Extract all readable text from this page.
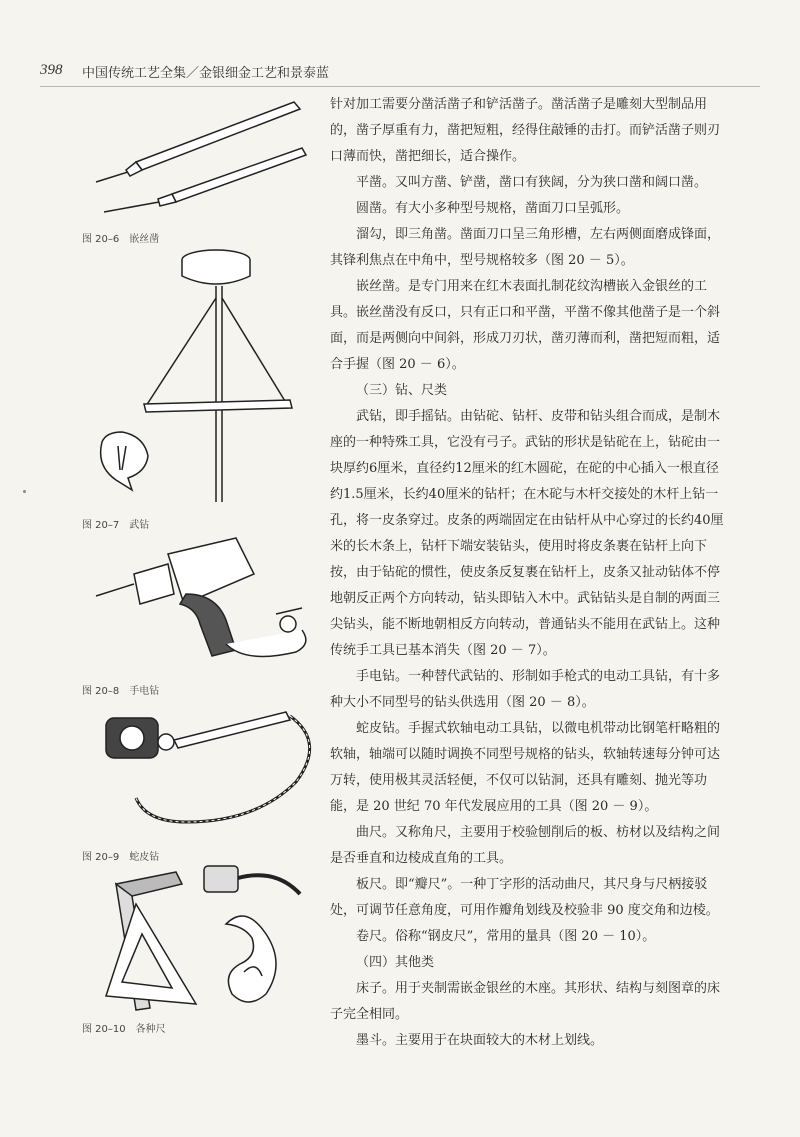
398 中国传统工艺全集／金银细金工艺和景泰蓝
图 20–6　嵌丝凿
图 20–7　武钻
图 20–8　手电钻
图 20–9　蛇皮钻
图 20–10　各种尺

针对加工需要分凿活凿子和铲活凿子。凿活凿子是雕刻大型制品用的，凿子厚重有力，凿把短粗，经得住敲锤的击打。而铲活凿子则刃口薄而快，凿把细长，适合操作。

平凿。又叫方凿、铲凿，凿口有狭阔，分为狭口凿和阔口凿。

圆凿。有大小多种型号规格，凿面刀口呈弧形。

溜勾，即三角凿。凿面刀口呈三角形槽，左右两侧面磨成锋面，其锋利焦点在中角中，型号规格较多（图 20 － 5）。

嵌丝凿。是专门用来在红木表面扎制花纹沟槽嵌入金银丝的工具。嵌丝凿没有反口，只有正口和平凿，平凿不像其他凿子是一个斜面，而是两侧向中间斜，形成刀刃状，凿刃薄而利，凿把短而粗，适合手握（图 20 － 6）。

（三）钻、尺类

武钻，即手摇钻。由钻砣、钻杆、皮带和钻头组合而成，是制木座的一种特殊工具，它没有弓子。武钻的形状是钻砣在上，钻砣由一块厚约6厘米，直径约12厘米的红木圆砣，在砣的中心插入一根直径约1.5厘米，长约40厘米的钻杆；在木砣与木杆交接处的木杆上钻一孔，将一皮条穿过。皮条的两端固定在由钻杆从中心穿过的长约40厘米的长木条上，钻杆下端安装钻头，使用时将皮条裹在钻杆上向下按，由于钻砣的惯性，使皮条反复裹在钻杆上，皮条又扯动钻体不停地朝反正两个方向转动，钻头即钻入木中。武钻钻头是自制的两面三尖钻头，能不断地朝相反方向转动，普通钻头不能用在武钻上。这种传统手工具已基本消失（图 20 － 7）。

手电钻。一种替代武钻的、形制如手枪式的电动工具钻，有十多种大小不同型号的钻头供选用（图 20 － 8）。

蛇皮钻。手握式软轴电动工具钻，以微电机带动比钢笔杆略粗的软轴，轴端可以随时调换不同型号规格的钻头，软轴转速每分钟可达万转，使用极其灵活轻便，不仅可以钻洞，还具有雕刻、抛光等功能，是 20 世纪 70 年代发展应用的工具（图 20 － 9）。

曲尺。又称角尺，主要用于校验刨削后的板、枋材以及结构之间是否垂直和边棱成直角的工具。

板尺。即“瓣尺”。一种丁字形的活动曲尺，其尺身与尺柄接驳处，可调节任意角度，可用作瓣角划线及校验非 90 度交角和边棱。

卷尺。俗称“钢皮尺”，常用的量具（图 20 － 10）。

（四）其他类

床子。用于夹制需嵌金银丝的木座。其形状、结构与刻图章的床子完全相同。

墨斗。主要用于在块面较大的木材上划线。
